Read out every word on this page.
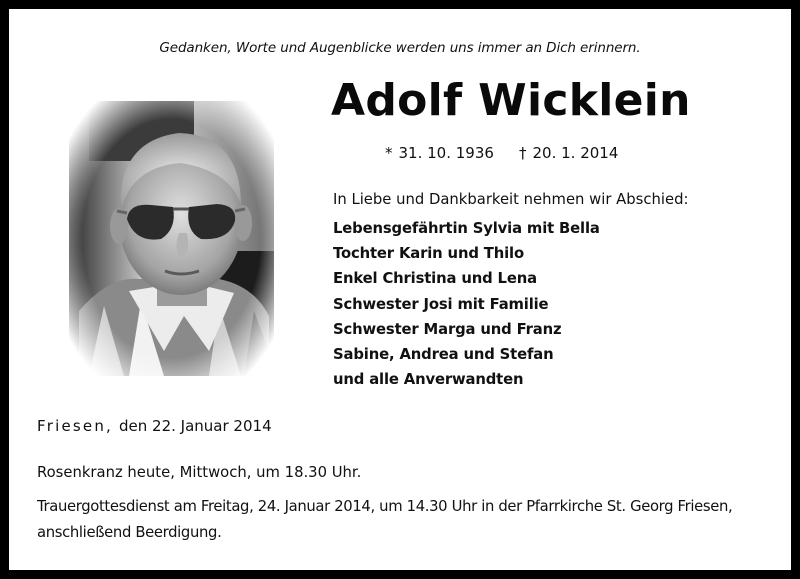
Gedanken, Worte und Augenblicke werden uns immer an Dich erinnern.
Adolf Wicklein
* 31. 10. 1936 † 20. 1. 2014
In Liebe und Dankbarkeit nehmen wir Abschied:
Lebensgefährtin Sylvia mit Bella
Tochter Karin und Thilo
Enkel Christina und Lena
Schwester Josi mit Familie
Schwester Marga und Franz
Sabine, Andrea und Stefan
und alle Anverwandten
Friesen, den 22. Januar 2014
Rosenkranz heute, Mittwoch, um 18.30 Uhr.
Trauergottesdienst am Freitag, 24. Januar 2014, um 14.30 Uhr in der Pfarrkirche St. Georg Friesen, anschließend Beerdigung.
